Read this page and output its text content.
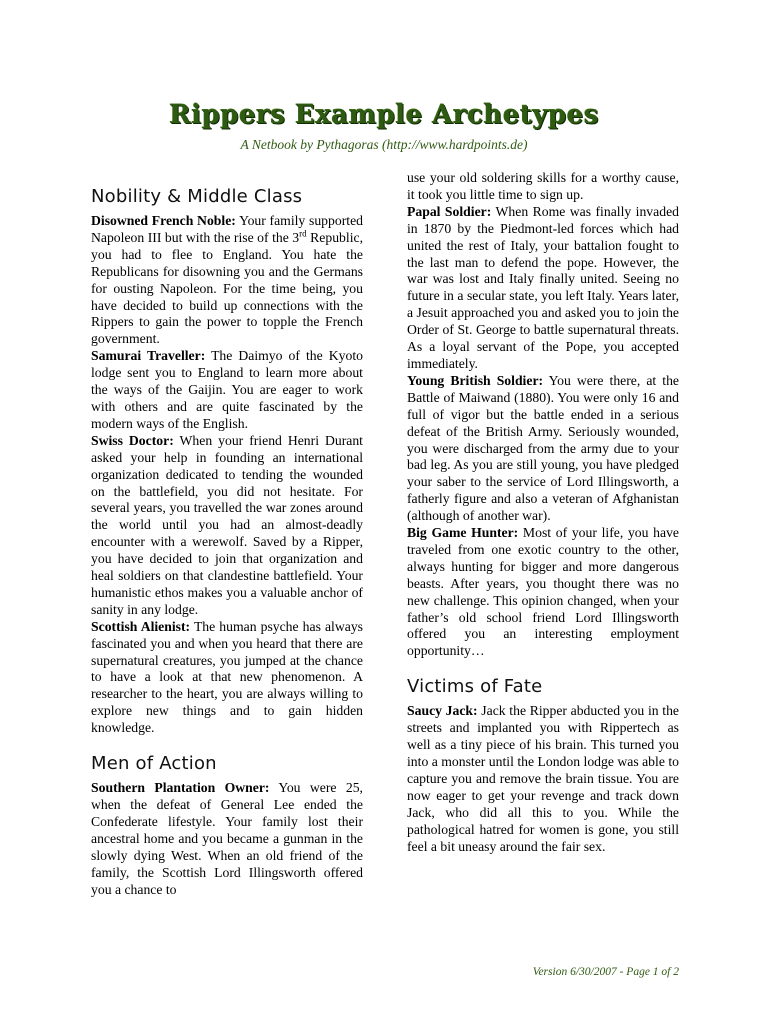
Rippers Example Archetypes
A Netbook by Pythagoras (http://www.hardpoints.de)
Nobility & Middle Class

Disowned French Noble: Your family supported Napoleon III but with the rise of the 3rd Republic, you had to flee to England. You hate the Republicans for disowning you and the Germans for ousting Napoleon. For the time being, you have decided to build up connections with the Rippers to gain the power to topple the French government.

Samurai Traveller: The Daimyo of the Kyoto lodge sent you to England to learn more about the ways of the Gaijin. You are eager to work with others and are quite fascinated by the modern ways of the English.

Swiss Doctor: When your friend Henri Durant asked your help in founding an international organization dedicated to tending the wounded on the battlefield, you did not hesitate. For several years, you travelled the war zones around the world until you had an almost-deadly encounter with a werewolf. Saved by a Ripper, you have decided to join that organization and heal soldiers on that clandestine battlefield. Your humanistic ethos makes you a valuable anchor of sanity in any lodge.

Scottish Alienist: The human psyche has always fascinated you and when you heard that there are supernatural creatures, you jumped at the chance to have a look at that new phenomenon. A researcher to the heart, you are always willing to explore new things and to gain hidden knowledge.

Men of Action

Southern Plantation Owner: You were 25, when the defeat of General Lee ended the Confederate lifestyle. Your family lost their ancestral home and you became a gunman in the slowly dying West. When an old friend of the family, the Scottish Lord Illingsworth offered you a chance to

use your old soldering skills for a worthy cause, it took you little time to sign up.

Papal Soldier: When Rome was finally invaded in 1870 by the Piedmont-led forces which had united the rest of Italy, your battalion fought to the last man to defend the pope. However, the war was lost and Italy finally united. Seeing no future in a secular state, you left Italy. Years later, a Jesuit approached you and asked you to join the Order of St. George to battle supernatural threats. As a loyal servant of the Pope, you accepted immediately.

Young British Soldier: You were there, at the Battle of Maiwand (1880). You were only 16 and full of vigor but the battle ended in a serious defeat of the British Army. Seriously wounded, you were discharged from the army due to your bad leg. As you are still young, you have pledged your saber to the service of Lord Illingsworth, a fatherly figure and also a veteran of Afghanistan (although of another war).

Big Game Hunter: Most of your life, you have traveled from one exotic country to the other, always hunting for bigger and more dangerous beasts. After years, you thought there was no new challenge. This opinion changed, when your father’s old school friend Lord Illingsworth offered you an interesting employment opportunity…

Victims of Fate

Saucy Jack: Jack the Ripper abducted you in the streets and implanted you with Rippertech as well as a tiny piece of his brain. This turned you into a monster until the London lodge was able to capture you and remove the brain tissue. You are now eager to get your revenge and track down Jack, who did all this to you. While the pathological hatred for women is gone, you still feel a bit uneasy around the fair sex.

Version 6/30/2007 - Page 1 of 2
